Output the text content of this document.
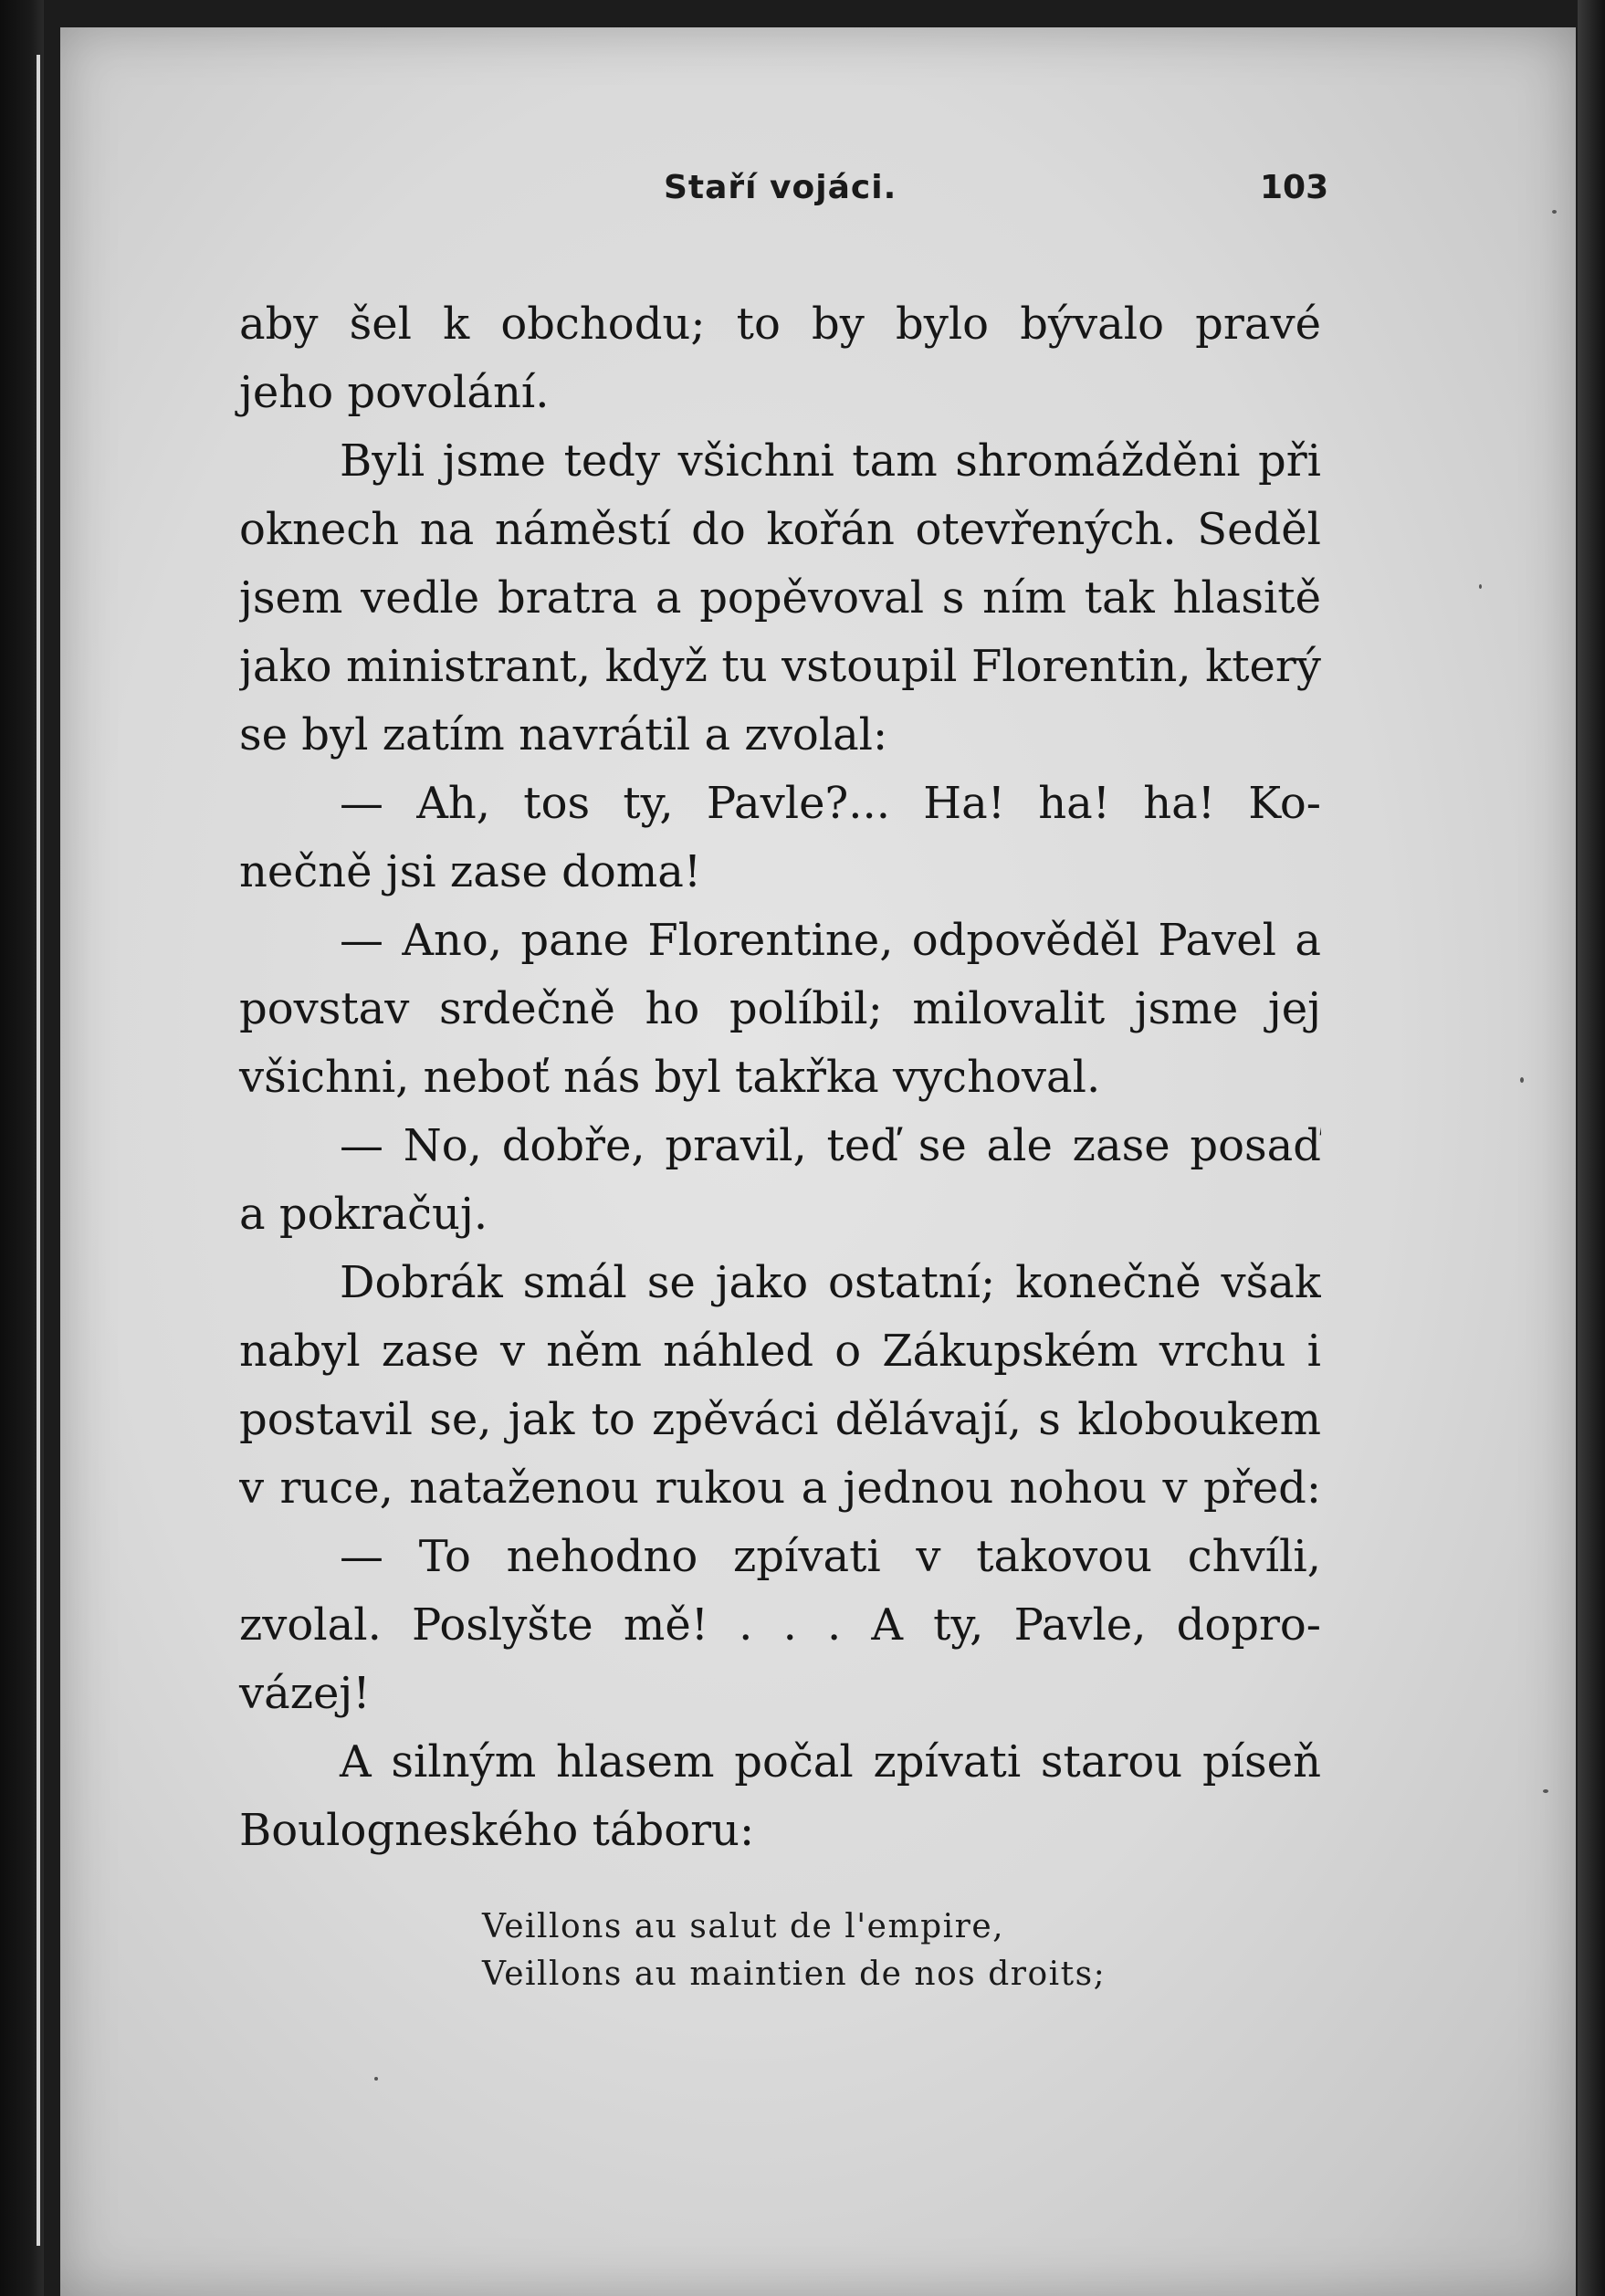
Staří vojáci.	103
aby šel k obchodu; to by bylo bývalo pravé
jeho povolání.
Byli jsme tedy všichni tam shromážděni při
oknech na náměstí do kořán otevřených. Seděl
jsem vedle bratra a popěvoval s ním tak hlasitě
jako ministrant, když tu vstoupil Florentin, který
se byl zatím navrátil a zvolal:
— Ah, tos ty, Pavle?... Ha! ha! ha! Ko-
nečně jsi zase doma!
— Ano, pane Florentine, odpověděl Pavel a
povstav srdečně ho políbil; milovalit jsme jej
všichni, neboť nás byl takřka vychoval.
— No, dobře, pravil, teď se ale zase posaď
a pokračuj.
Dobrák smál se jako ostatní; konečně však
nabyl zase v něm náhled o Zákupském vrchu i
postavil se, jak to zpěváci dělávají, s kloboukem
v ruce, nataženou rukou a jednou nohou v před:
— To nehodno zpívati v takovou chvíli,
zvolal. Poslyšte mě! . . . A ty, Pavle, dopro-
vázej!
A silným hlasem počal zpívati starou píseň
Boulogneského táboru:
Veillons au salut de l'empire,
Veillons au maintien de nos droits;
